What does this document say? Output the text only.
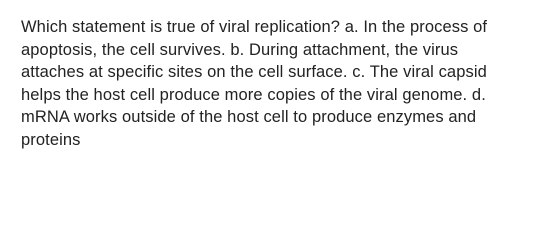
Which statement is true of viral replication? a. In the process of
apoptosis, the cell survives. b. During attachment, the virus
attaches at specific sites on the cell surface. c. The viral capsid
helps the host cell produce more copies of the viral genome. d.
mRNA works outside of the host cell to produce enzymes and
proteins
